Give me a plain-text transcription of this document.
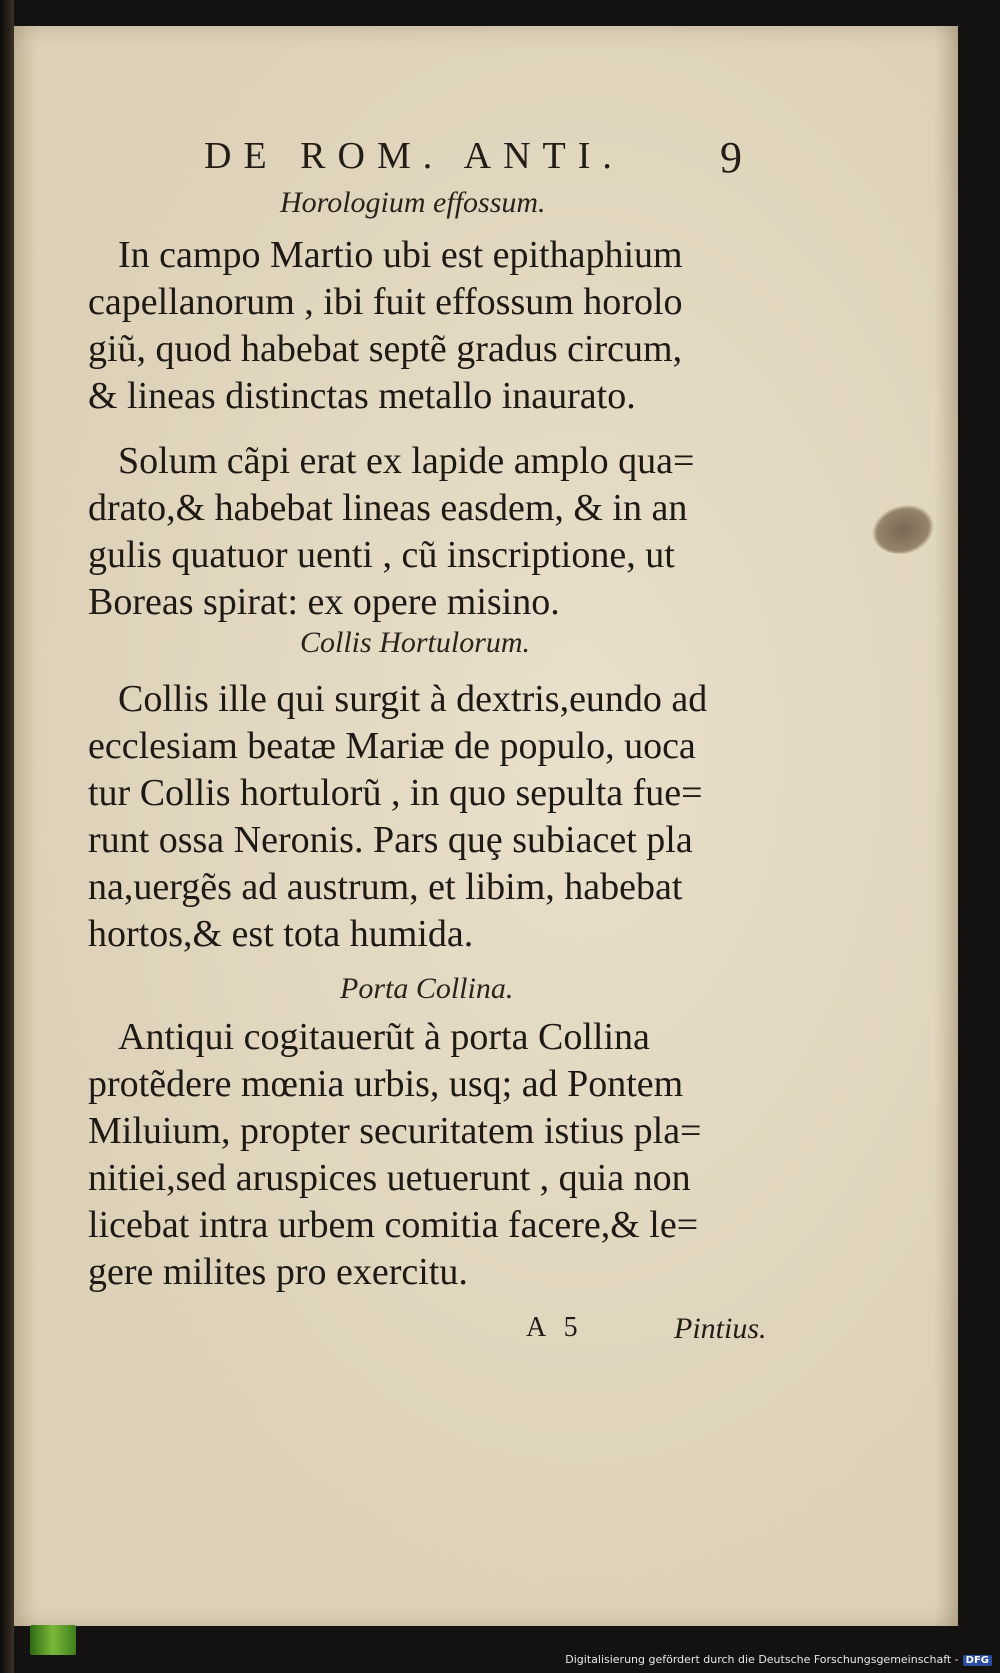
DE ROM. ANTI. 9
Horologium effossum.
In campo Martio ubi est epithaphium
capellanorum , ibi fuit effossum horolo
giũ, quod habebat septẽ gradus circum,
& lineas distinctas metallo inaurato.
Solum cãpi erat ex lapide amplo qua=
drato,& habebat lineas easdem, & in an
gulis quatuor uenti , cũ inscriptione, ut
Boreas spirat: ex opere misino.
Collis Hortulorum.
Collis ille qui surgit à dextris,eundo ad
ecclesiam beatæ Mariæ de populo, uoca
tur Collis hortulorũ , in quo sepulta fue=
runt ossa Neronis. Pars quȩ subiacet pla
na,uergẽs ad austrum, et libim, habebat
hortos,& est tota humida.
Porta Collina.
Antiqui cogitauerũt à porta Collina
protẽdere mœnia urbis, usq; ad Pontem
Miluium, propter securitatem istius pla=
nitiei,sed aruspices uetuerunt , quia non
licebat intra urbem comitia facere,& le=
gere milites pro exercitu.
A 5	Pintius.
Digitalisierung gefördert durch die Deutsche Forschungsgemeinschaft - DFG
